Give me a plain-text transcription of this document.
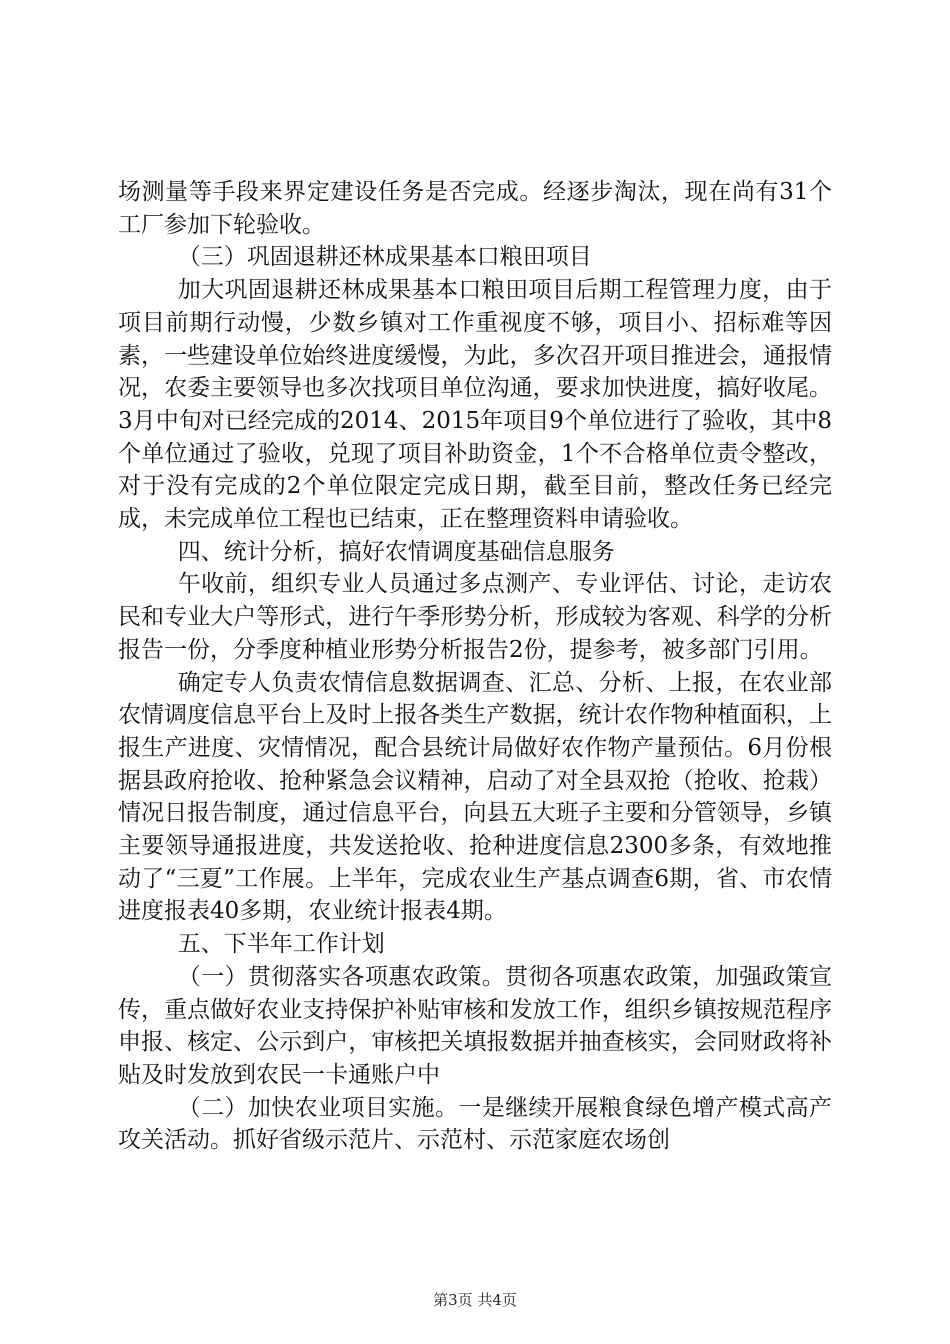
场测量等手段来界定建设任务是否完成。经逐步淘汰，现在尚有31个工厂参加下轮验收。

（三）巩固退耕还林成果基本口粮田项目

加大巩固退耕还林成果基本口粮田项目后期工程管理力度，由于项目前期行动慢，少数乡镇对工作重视度不够，项目小、招标难等因素，一些建设单位始终进度缓慢，为此，多次召开项目推进会，通报情况，农委主要领导也多次找项目单位沟通，要求加快进度，搞好收尾。3月中旬对已经完成的2014、2015年项目9个单位进行了验收，其中8个单位通过了验收，兑现了项目补助资金，1个不合格单位责令整改，对于没有完成的2个单位限定完成日期，截至目前，整改任务已经完成，未完成单位工程也已结束，正在整理资料申请验收。

四、统计分析，搞好农情调度基础信息服务

午收前，组织专业人员通过多点测产、专业评估、讨论，走访农民和专业大户等形式，进行午季形势分析，形成较为客观、科学的分析报告一份，分季度种植业形势分析报告2份，提参考，被多部门引用。

确定专人负责农情信息数据调查、汇总、分析、上报，在农业部农情调度信息平台上及时上报各类生产数据，统计农作物种植面积，上报生产进度、灾情情况，配合县统计局做好农作物产量预估。6月份根据县政府抢收、抢种紧急会议精神，启动了对全县双抢（抢收、抢栽）情况日报告制度，通过信息平台，向县五大班子主要和分管领导，乡镇主要领导通报进度，共发送抢收、抢种进度信息2300多条，有效地推动了“三夏”工作展。上半年，完成农业生产基点调查6期，省、市农情进度报表40多期，农业统计报表4期。

五、下半年工作计划

（一）贯彻落实各项惠农政策。贯彻各项惠农政策，加强政策宣传，重点做好农业支持保护补贴审核和发放工作，组织乡镇按规范程序申报、核定、公示到户，审核把关填报数据并抽查核实，会同财政将补贴及时发放到农民一卡通账户中

（二）加快农业项目实施。一是继续开展粮食绿色增产模式高产攻关活动。抓好省级示范片、示范村、示范家庭农场创

第3页 共4页
